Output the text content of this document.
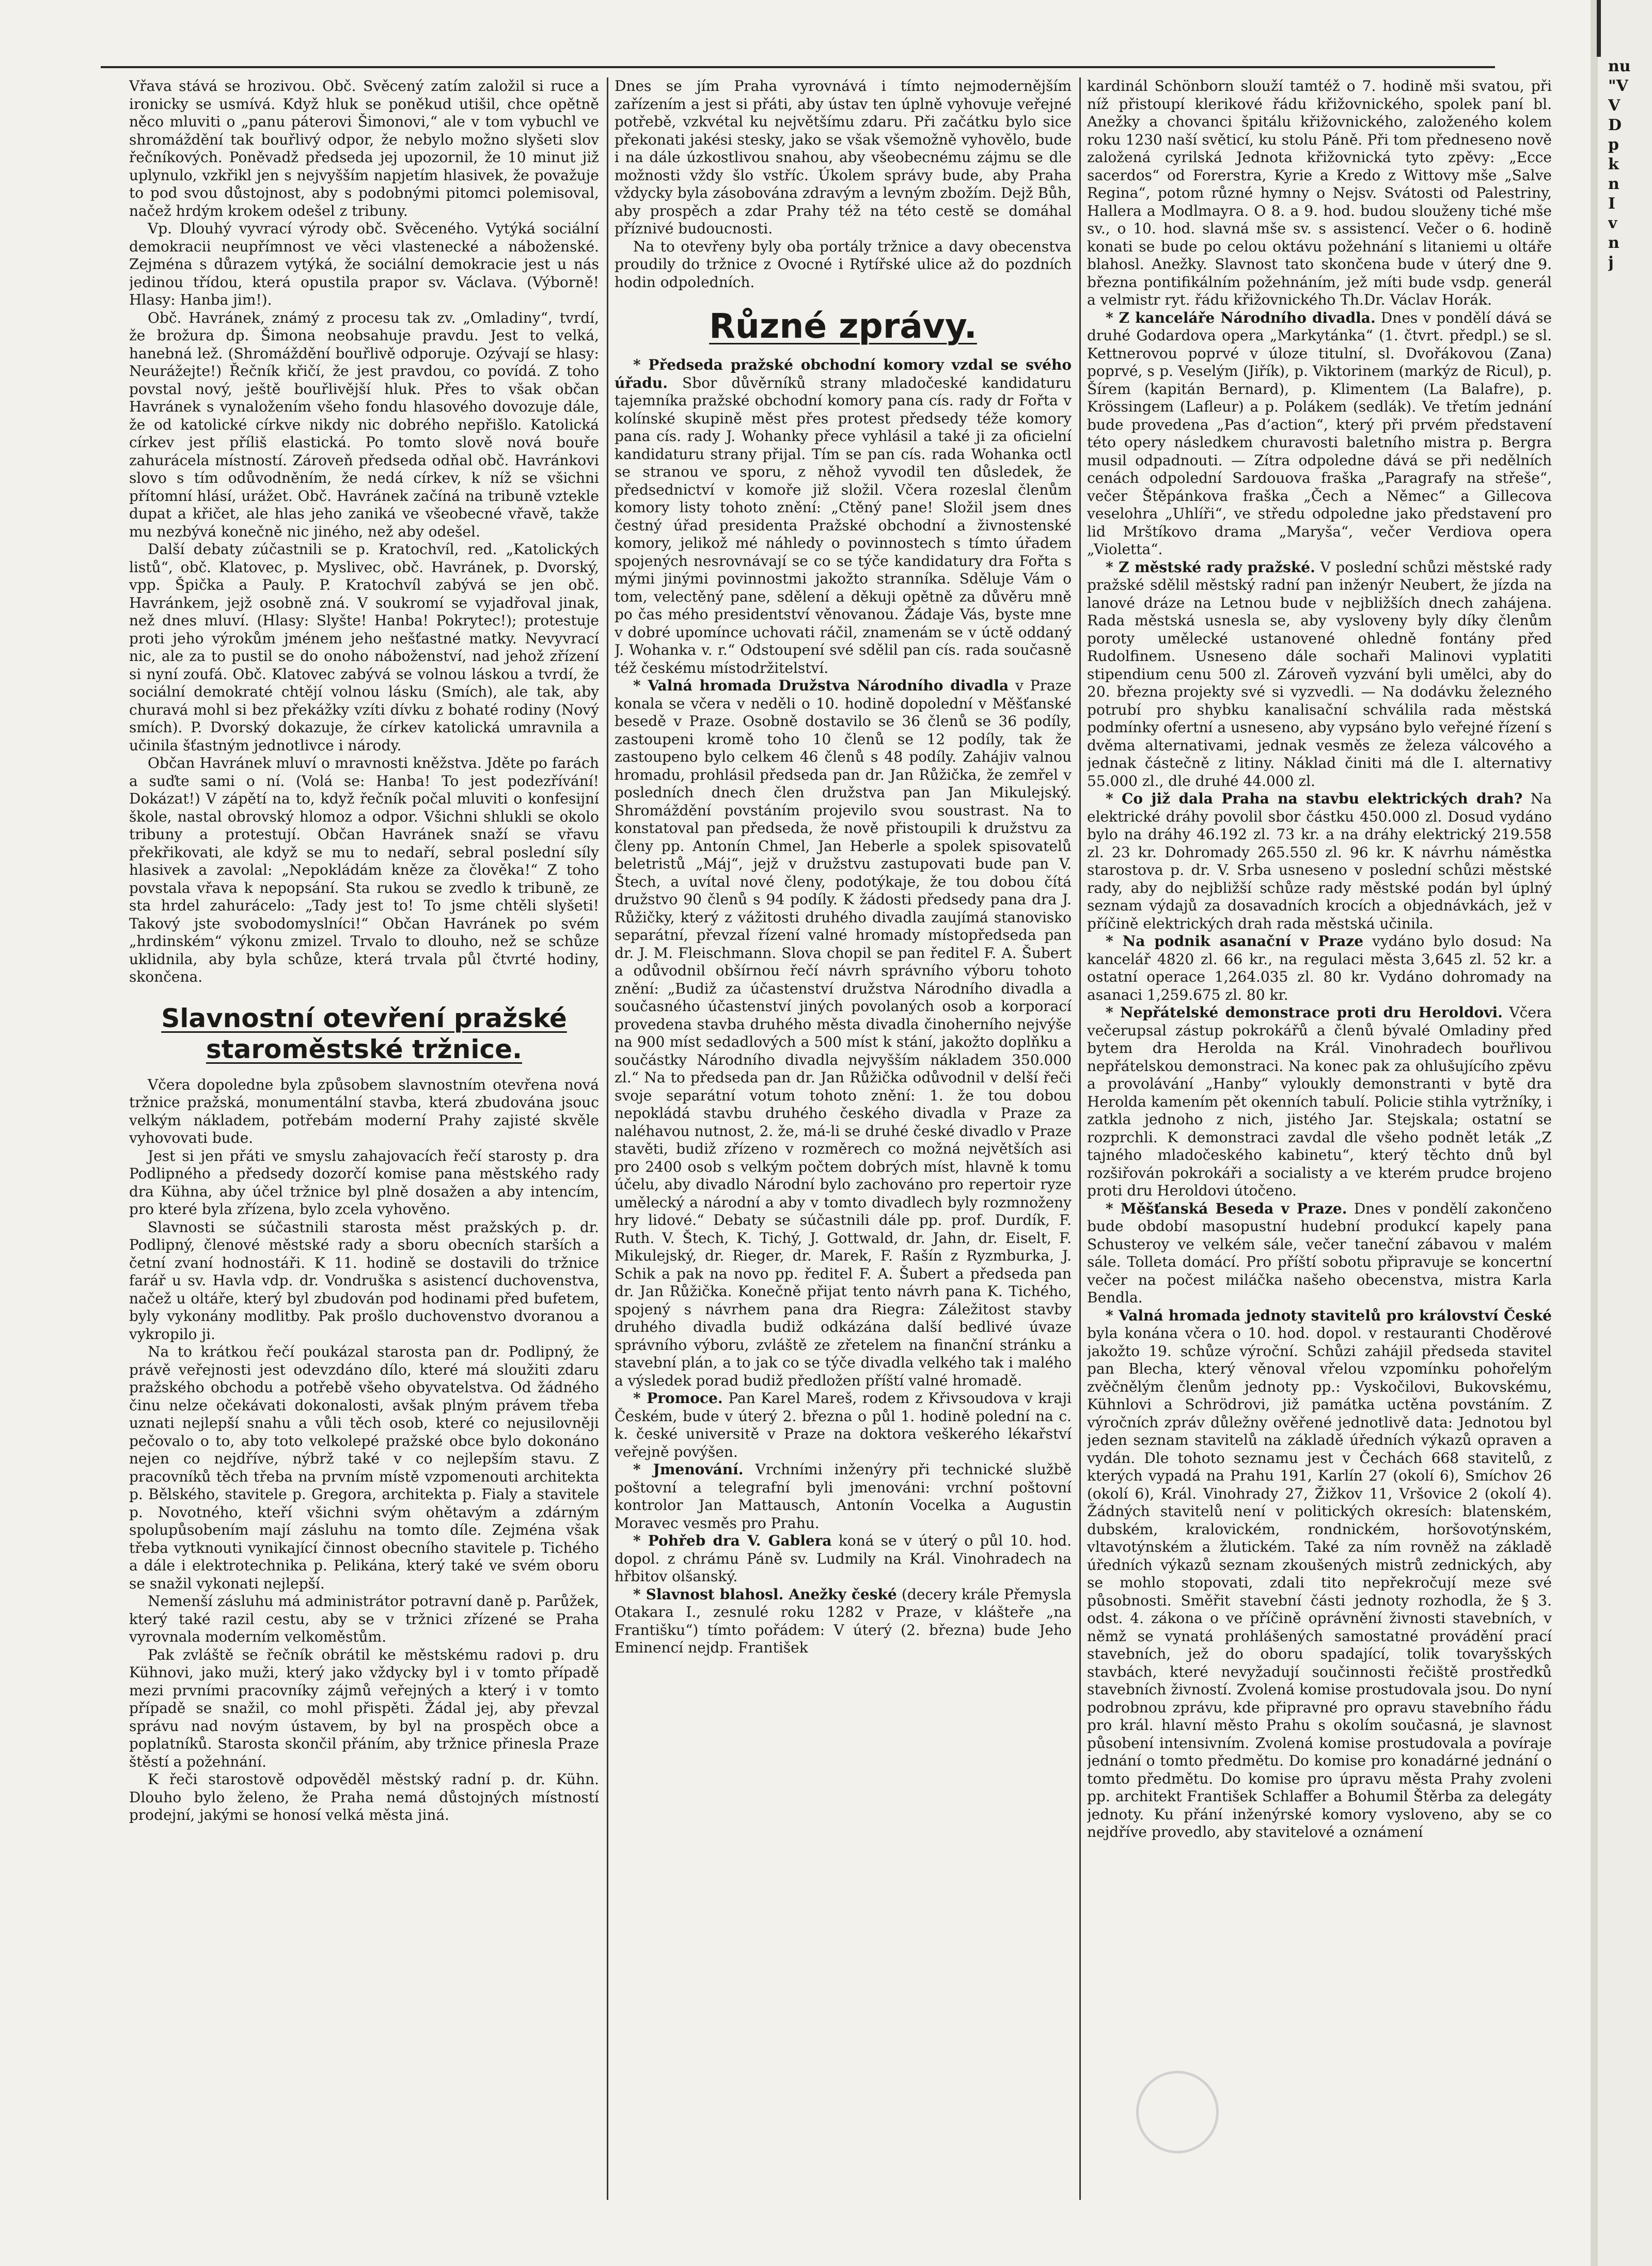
Vřava stává se hrozivou. Obč. Svěcený zatím založil si ruce a ironicky se usmívá. Když hluk se poněkud utišil, chce opětně něco mluviti o „panu páterovi Šimonovi,“ ale v tom vybuchl ve shromáždění tak bouřlivý odpor, že nebylo možno slyšeti slov řečníkových. Poněvadž předseda jej upozornil, že 10 minut již uplynulo, vzkřikl jen s nejvyšším napjetím hlasivek, že považuje to pod svou důstojnost, aby s podobnými pitomci polemisoval, načež hrdým krokem odešel z tribuny.

Vp. Dlouhý vyvrací výrody obč. Svěceného. Vytýká sociální demokracii neupřímnost ve věci vlastenecké a náboženské. Zejména s důrazem vytýká, že sociální demokracie jest u nás jedinou třídou, která opustila prapor sv. Václava. (Výborně! Hlasy: Hanba jim!).

Obč. Havránek, známý z procesu tak zv. „Omladiny“, tvrdí, že brožura dp. Šimona neobsahuje pravdu. Jest to velká, hanebná lež. (Shromáždění bouřlivě odporuje. Ozývají se hlasy: Neurážejte!) Řečník křičí, že jest pravdou, co povídá. Z toho povstal nový, ještě bouřlivější hluk. Přes to však občan Havránek s vynaložením všeho fondu hlasového dovozuje dále, že od katolické církve nikdy nic dobrého nepřišlo. Katolická církev jest příliš elastická. Po tomto slově nová bouře zahurácela místností. Zároveň předseda odňal obč. Havránkovi slovo s tím odůvodněním, že nedá církev, k níž se všichni přítomní hlásí, urážet. Obč. Havránek začíná na tribuně vztekle dupat a křičet, ale hlas jeho zaniká ve všeobecné vřavě, takže mu nezbývá konečně nic jiného, než aby odešel.

Další debaty zúčastnili se p. Kratochvíl, red. „Katolických listů“, obč. Klatovec, p. Myslivec, obč. Havránek, p. Dvorský, vpp. Špička a Pauly. P. Kratochvíl zabývá se jen obč. Havránkem, jejž osobně zná. V soukromí se vyjadřoval jinak, než dnes mluví. (Hlasy: Slyšte! Hanba! Pokrytec!); protestuje proti jeho výrokům jménem jeho nešťastné matky. Nevyvrací nic, ale za to pustil se do onoho náboženství, nad jehož zřízení si nyní zoufá. Obč. Klatovec zabývá se volnou láskou a tvrdí, že sociální demokraté chtějí volnou lásku (Smích), ale tak, aby churavá mohl si bez překážky vzíti dívku z bohaté rodiny (Nový smích). P. Dvorský dokazuje, že církev katolická umravnila a učinila šťastným jednotlivce i národy.

Občan Havránek mluví o mravnosti kněžstva. Jděte po farách a suďte sami o ní. (Volá se: Hanba! To jest podezřívání! Dokázat!) V zápětí na to, když řečník počal mluviti o konfesijní škole, nastal obrovský hlomoz a odpor. Všichni shlukli se okolo tribuny a protestují. Občan Havránek snaží se vřavu překřikovati, ale když se mu to nedaří, sebral poslední síly hlasivek a zavolal: „Nepokládám kněze za člověka!“ Z toho povstala vřava k nepopsání. Sta rukou se zvedlo k tribuně, ze sta hrdel zahurácelo: „Tady jest to! To jsme chtěli slyšeti! Takový jste svobodomyslníci!“ Občan Havránek po svém „hrdinském“ výkonu zmizel. Trvalo to dlouho, než se schůze uklidnila, aby byla schůze, která trvala půl čtvrté hodiny, skončena.

Slavnostní otevření pražské staroměstské tržnice.

Včera dopoledne byla způsobem slavnostním otevřena nová tržnice pražská, monumentální stavba, která zbudována jsouc velkým nákladem, potřebám moderní Prahy zajisté skvěle vyhovovati bude.

Jest si jen přáti ve smyslu zahajovacích řečí starosty p. dra Podlipného a předsedy dozorčí komise pana městského rady dra Kühna, aby účel tržnice byl plně dosažen a aby intencím, pro které byla zřízena, bylo zcela vyhověno.

Slavnosti se súčastnili starosta měst pražských p. dr. Podlipný, členové městské rady a sboru obecních starších a četní zvaní hodnostáři. K 11. hodině se dostavili do tržnice farář u sv. Havla vdp. dr. Vondruška s asistencí duchovenstva, načež u oltáře, který byl zbudován pod hodinami před bufetem, byly vykonány modlitby. Pak prošlo duchovenstvo dvoranou a vykropilo ji.

Na to krátkou řečí poukázal starosta pan dr. Podlipný, že právě veřejnosti jest odevzdáno dílo, které má sloužiti zdaru pražského obchodu a potřebě všeho obyvatelstva. Od žádného činu nelze očekávati dokonalosti, avšak plným právem třeba uznati nejlepší snahu a vůli těch osob, které co nejusilovněji pečovalo o to, aby toto velkolepé pražské obce bylo dokonáno nejen co nejdříve, nýbrž také v co nejlepším stavu. Z pracovníků těch třeba na prvním místě vzpomenouti architekta p. Bělského, stavitele p. Gregora, architekta p. Fialy a stavitele p. Novotného, kteří všichni svým ohětavým a zdárným spolupůsobením mají zásluhu na tomto díle. Zejména však třeba vytknouti vynikající činnost obecního stavitele p. Tichého a dále i elektrotechnika p. Pelikána, který také ve svém oboru se snažil vykonati nejlepší.

Nemenší zásluhu má administrátor potravní daně p. Parůžek, který také razil cestu, aby se v tržnici zřízené se Praha vyrovnala moderním velkoměstům.

Pak zvláště se řečník obrátil ke městskému radovi p. dru Kühnovi, jako muži, který jako vždycky byl i v tomto případě mezi prvními pracovníky zájmů veřejných a který i v tomto případě se snažil, co mohl přispěti. Žádal jej, aby převzal správu nad novým ústavem, by byl na prospěch obce a poplatníků. Starosta skončil přáním, aby tržnice přinesla Praze štěstí a požehnání.

K řeči starostově odpověděl městský radní p. dr. Kühn. Dlouho bylo želeno, že Praha nemá důstojných místností prodejní, jakými se honosí velká města jiná.

Dnes se jím Praha vyrovnává i tímto nejmodernějším zařízením a jest si přáti, aby ústav ten úplně vyhovuje veřejné potřebě, vzkvétal ku největšímu zdaru. Při začátku bylo sice překonati jakési stesky, jako se však všemožně vyhovělo, bude i na dále úzkostlivou snahou, aby všeobecnému zájmu se dle možnosti vždy šlo vstříc. Úkolem správy bude, aby Praha vždycky byla zásobována zdravým a levným zbožím. Dejž Bůh, aby prospěch a zdar Prahy též na této cestě se domáhal příznivé budoucnosti.

Na to otevřeny byly oba portály tržnice a davy obecenstva proudily do tržnice z Ovocné i Rytířské ulice až do pozdních hodin odpoledních.

Různé zprávy.

* Předseda pražské obchodní komory vzdal se svého úřadu. Sbor důvěrníků strany mladočeské kandidaturu tajemníka pražské obchodní komory pana cís. rady dr Fořta v kolínské skupině měst přes protest předsedy téže komory pana cís. rady J. Wohanky přece vyhlásil a také ji za oficielní kandidaturu strany přijal. Tím se pan cís. rada Wohanka octl se stranou ve sporu, z něhož vyvodil ten důsledek, že předsednictví v komoře již složil. Včera rozeslal členům komory listy tohoto znění: „Ctěný pane! Složil jsem dnes čestný úřad presidenta Pražské obchodní a živnostenské komory, jelikož mé náhledy o povinnostech s tímto úřadem spojených nesrovnávají se co se týče kandidatury dra Fořta s mými jinými povinnostmi jakožto stranníka. Sděluje Vám o tom, velectěný pane, sdělení a děkuji opětně za důvěru mně po čas mého presidentství věnovanou. Žádaje Vás, byste mne v dobré upomínce uchovati ráčil, znamenám se v úctě oddaný J. Wohanka v. r.“ Odstoupení své sdělil pan cís. rada současně též českému místodržitelství.

* Valná hromada Družstva Národního divadla v Praze konala se včera v neděli o 10. hodině dopolední v Měšťanské besedě v Praze. Osobně dostavilo se 36 členů se 36 podíly, zastoupeni kromě toho 10 členů se 12 podíly, tak že zastoupeno bylo celkem 46 členů s 48 podíly. Zahájiv valnou hromadu, prohlásil předseda pan dr. Jan Růžička, že zemřel v posledních dnech člen družstva pan Jan Mikulejský. Shromáždění povstáním projevilo svou soustrast. Na to konstatoval pan předseda, že nově přistoupili k družstvu za členy pp. Antonín Chmel, Jan Heberle a spolek spisovatelů beletristů „Máj“, jejž v družstvu zastupovati bude pan V. Štech, a uvítal nové členy, podotýkaje, že tou dobou čítá družstvo 90 členů s 94 podíly. K žádosti předsedy pana dra J. Růžičky, který z vážitosti druhého divadla zaujímá stanovisko separátní, převzal řízení valné hromady místopředseda pan dr. J. M. Fleischmann. Slova chopil se pan ředitel F. A. Šubert a odůvodnil obšírnou řečí návrh správního výboru tohoto znění: „Budiž za účastenství družstva Národního divadla a současného účastenství jiných povolaných osob a korporací provedena stavba druhého města divadla činoherního nejvýše na 900 míst sedadlových a 500 míst k stání, jakožto doplňku a součástky Národního divadla nejvyšším nákladem 350.000 zl.“ Na to předseda pan dr. Jan Růžička odůvodnil v delší řeči svoje separátní votum tohoto znění: 1. že tou dobou nepokládá stavbu druhého českého divadla v Praze za naléhavou nutnost, 2. že, má-li se druhé české divadlo v Praze stavěti, budiž zřízeno v rozměrech co možná největších asi pro 2400 osob s velkým počtem dobrých míst, hlavně k tomu účelu, aby divadlo Národní bylo zachováno pro repertoir ryze umělecký a národní a aby v tomto divadlech byly rozmnoženy hry lidové.“ Debaty se súčastnili dále pp. prof. Durdík, F. Ruth. V. Štech, K. Tichý, J. Gottwald, dr. Jahn, dr. Eiselt, F. Mikulejský, dr. Rieger, dr. Marek, F. Rašín z Ryzmburka, J. Schik a pak na novo pp. ředitel F. A. Šubert a předseda pan dr. Jan Růžička. Konečně přijat tento návrh pana K. Tichého, spojený s návrhem pana dra Riegra: Záležitost stavby druhého divadla budiž odkázána další bedlivé úvaze správního výboru, zvláště ze zřetelem na finanční stránku a stavební plán, a to jak co se týče divadla velkého tak i malého a výsledek porad budiž předložen příští valné hromadě.

* Promoce. Pan Karel Mareš, rodem z Křivsoudova v kraji Českém, bude v úterý 2. března o půl 1. hodině polední na c. k. české universitě v Praze na doktora veškerého lékařství veřejně povýšen.

* Jmenování. Vrchními inženýry při technické službě poštovní a telegrafní byli jmenováni: vrchní poštovní kontrolor Jan Mattausch, Antonín Vocelka a Augustin Moravec vesměs pro Prahu.

* Pohřeb dra V. Gablera koná se v úterý o půl 10. hod. dopol. z chrámu Páně sv. Ludmily na Král. Vinohradech na hřbitov olšanský.

* Slavnost blahosl. Anežky české (decery krále Přemysla Otakara I., zesnulé roku 1282 v Praze, v klášteře „na Františku“) tímto pořádem: V úterý (2. března) bude Jeho Eminencí nejdp. František

kardinál Schönborn slouží tamtéž o 7. hodině mši svatou, při níž přistoupí klerikové řádu křižovnického, spolek paní bl. Anežky a chovanci špitálu křižovnického, založeného kolem roku 1230 naší světicí, ku stolu Páně. Při tom předneseno nově založená cyrilská Jednota křižovnická tyto zpěvy: „Ecce sacerdos“ od Forerstra, Kyrie a Kredo z Wittovy mše „Salve Regina“, potom různé hymny o Nejsv. Svátosti od Palestriny, Hallera a Modlmayra. O 8. a 9. hod. budou slouženy tiché mše sv., o 10. hod. slavná mše sv. s assistencí. Večer o 6. hodině konati se bude po celou oktávu požehnání s litaniemi u oltáře blahosl. Anežky. Slavnost tato skončena bude v úterý dne 9. března pontifikálním požehnáním, jež míti bude vsdp. generál a velmistr ryt. řádu křižovnického Th.Dr. Václav Horák.

* Z kanceláře Národního divadla. Dnes v pondělí dává se druhé Godardova opera „Markytánka“ (1. čtvrt. předpl.) se sl. Kettnerovou poprvé v úloze titulní, sl. Dvořákovou (Zana) poprvé, s p. Veselým (Jiřík), p. Viktorinem (markýz de Ricul), p. Šírem (kapitán Bernard), p. Klimentem (La Balafre), p. Krössingem (Lafleur) a p. Polákem (sedlák). Ve třetím jednání bude provedena „Pas d’action“, který při prvém představení této opery následkem churavosti baletního mistra p. Bergra musil odpadnouti. — Zítra odpoledne dává se při nedělních cenách odpolední Sardouova fraška „Paragrafy na střeše“, večer Štěpánkova fraška „Čech a Němec“ a Gillecova veselohra „Uhlíři“, ve středu odpoledne jako představení pro lid Mrštíkovo drama „Maryša“, večer Verdiova opera „Violetta“.

* Z městské rady pražské. V poslední schůzi městské rady pražské sdělil městský radní pan inženýr Neubert, že jízda na lanové dráze na Letnou bude v nejbližších dnech zahájena. Rada městská usnesla se, aby vysloveny byly díky členům poroty umělecké ustanovené ohledně fontány před Rudolfinem. Usneseno dále sochaři Malinovi vyplatiti stipendium cenu 500 zl. Zároveň vyzvání byli umělci, aby do 20. března projekty své si vyzvedli. — Na dodávku železného potrubí pro shybku kanalisační schválila rada městská podmínky ofertní a usneseno, aby vypsáno bylo veřejné řízení s dvěma alternativami, jednak vesměs ze železa válcového a jednak částečně z litiny. Náklad činiti má dle I. alternativy 55.000 zl., dle druhé 44.000 zl.

* Co již dala Praha na stavbu elektrických drah? Na elektrické dráhy povolil sbor částku 450.000 zl. Dosud vydáno bylo na dráhy 46.192 zl. 73 kr. a na dráhy elektrický 219.558 zl. 23 kr. Dohromady 265.550 zl. 96 kr. K návrhu náměstka starostova p. dr. V. Srba usneseno v poslední schůzi městské rady, aby do nejbližší schůze rady městské podán byl úplný seznam výdajů za dosavadních krocích a objednávkách, jež v příčině elektrických drah rada městská učinila.

* Na podnik asanační v Praze vydáno bylo dosud: Na kancelář 4820 zl. 66 kr., na regulaci města 3,645 zl. 52 kr. a ostatní operace 1,264.035 zl. 80 kr. Vydáno dohromady na asanaci 1,259.675 zl. 80 kr.

* Nepřátelské demonstrace proti dru Heroldovi. Včera večerupsal zástup pokrokářů a členů bývalé Omladiny před bytem dra Herolda na Král. Vinohradech bouřlivou nepřátelskou demonstraci. Na konec pak za ohlušujícího zpěvu a provolávání „Hanby“ vyloukly demonstranti v bytě dra Herolda kamením pět okenních tabulí. Policie stihla vytržníky, i zatkla jednoho z nich, jistého Jar. Stejskala; ostatní se rozprchli. K demonstraci zavdal dle všeho podnět leták „Z tajného mladočeského kabinetu“, který těchto dnů byl rozšiřován pokrokáři a socialisty a ve kterém prudce brojeno proti dru Heroldovi útočeno.

* Měšťanská Beseda v Praze. Dnes v pondělí zakončeno bude období masopustní hudební produkcí kapely pana Schusteroy ve velkém sále, večer taneční zábavou v malém sále. Tolleta domácí. Pro příští sobotu připravuje se koncertní večer na počest miláčka našeho obecenstva, mistra Karla Bendla.

* Valná hromada jednoty stavitelů pro království České byla konána včera o 10. hod. dopol. v restauranti Choděrové jakožto 19. schůze výroční. Schůzi zahájil předseda stavitel pan Blecha, který věnoval vřelou vzpomínku pohořelým zvěčnělým členům jednoty pp.: Vyskočilovi, Bukovskému, Kühnlovi a Schrödrovi, již památka uctěna povstáním. Z výročních zpráv důležny ověřené jednotlivě data: Jednotou byl jeden seznam stavitelů na základě úředních výkazů opraven a vydán. Dle tohoto seznamu jest v Čechách 668 stavitelů, z kterých vypadá na Prahu 191, Karlín 27 (okolí 6), Smíchov 26 (okolí 6), Král. Vinohrady 27, Žižkov 11, Vršovice 2 (okolí 4). Žádných stavitelů není v politických okresích: blatenském, dubském, kralovickém, rondnickém, horšovotýnském, vltavotýnském a žlutickém. Také za ním rovněž na základě úředních výkazů seznam zkoušených mistrů zednických, aby se mohlo stopovati, zdali tito nepřekročují meze své působnosti. Směřit stavební části jednoty rozhodla, že § 3. odst. 4. zákona o ve příčině oprávnění živnosti stavebních, v němž se vynatá prohlášených samostatné provádění prací stavebních, jež do oboru spadající, tolik tovaryšských stavbách, které nevyžadují součinnosti řečiště prostředků stavebních živností. Zvolená komise prostudovala jsou. Do nyní podrobnou zprávu, kde připravné pro opravu stavebního řádu pro král. hlavní město Prahu s okolím současná, je slavnost působení intensivním. Zvolená komise prostudovala a povíraje jednání o tomto předmětu. Do komise pro konadárné jednání o tomto předmětu. Do komise pro úpravu města Prahy zvoleni pp. architekt František Schlaffer a Bohumil Štěrba za delegáty jednoty. Ku přání inženýrské komory vysloveno, aby se co nejdříve provedlo, aby stavitelové a oznámení

nu
"V
V
D
p
k
n
I
v
n
j
